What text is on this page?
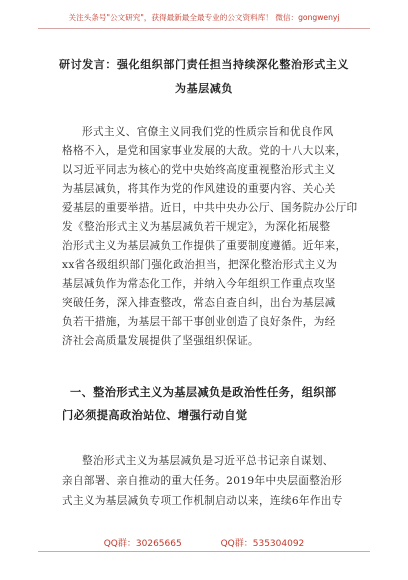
关注头条号"公文研究"，获得最新最全最专业的公文资料库！ 微信：gongwenyj
研讨发言：强化组织部门责任担当持续深化整治形式主义
为基层减负
形式主义、官僚主义同我们党的性质宗旨和优良作风
格格不入，是党和国家事业发展的大敌。党的十八大以来，
以习近平同志为核心的党中央始终高度重视整治形式主义
为基层减负，将其作为党的作风建设的重要内容、关心关
爱基层的重要举措。近日，中共中央办公厅、国务院办公厅印
发《整治形式主义为基层减负若干规定》，为深化拓展整
治形式主义为基层减负工作提供了重要制度遵循。近年来，
xx省各级组织部门强化政治担当，把深化整治形式主义为
基层减负作为常态化工作，并纳入今年组织工作重点攻坚
突破任务，深入排查整改，常态自查自纠，出台为基层减
负若干措施，为基层干部干事创业创造了良好条件，为经
济社会高质量发展提供了坚强组织保证。
一、整治形式主义为基层减负是政治性任务，组织部
门必须提高政治站位、增强行动自觉
整治形式主义为基层减负是习近平总书记亲自谋划、
亲自部署、亲自推动的重大任务。2019年中央层面整治形
式主义为基层减负专项工作机制启动以来，连续6年作出专
QQ群：30265665	QQ群：535304092
